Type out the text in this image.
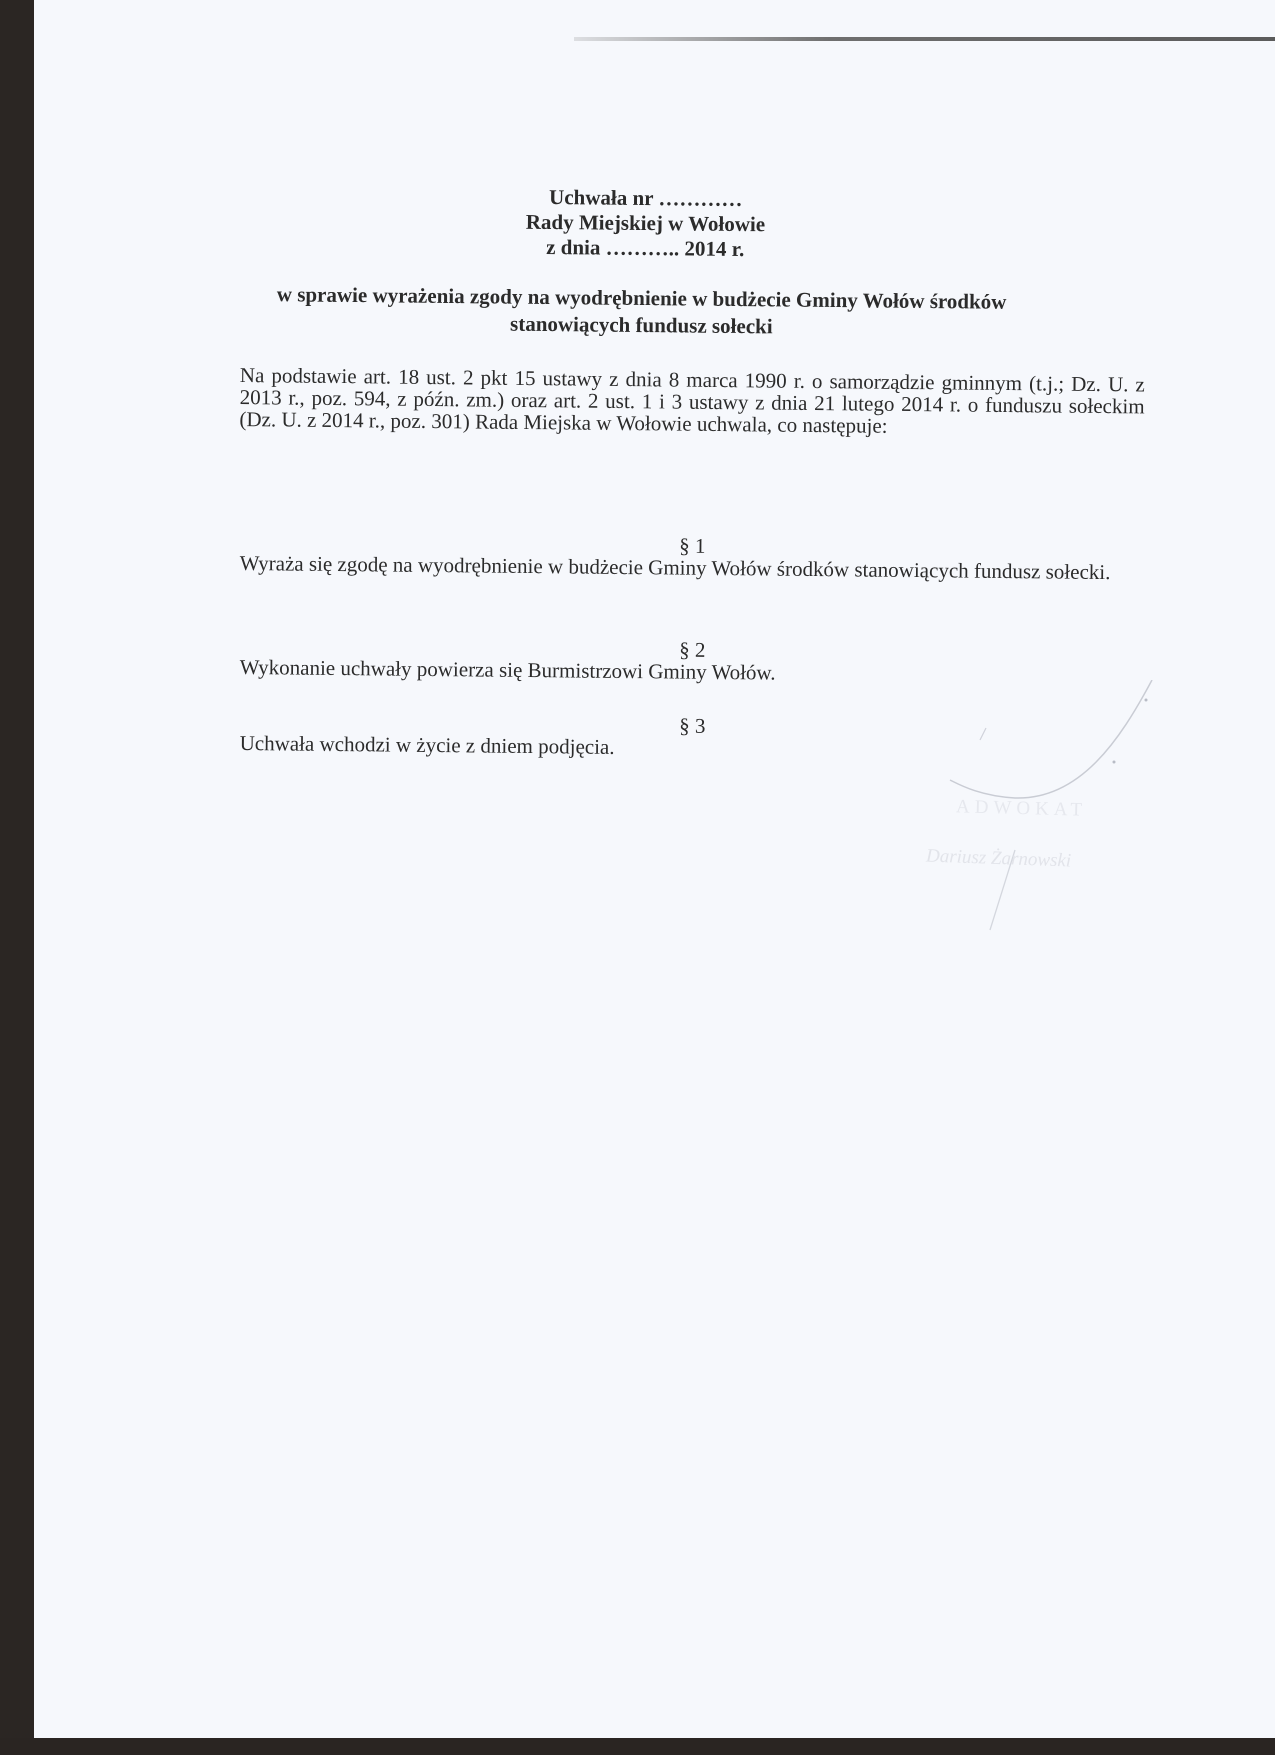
Uchwała nr …………
Rady Miejskiej w Wołowie
z dnia ……….. 2014 r.
w sprawie wyrażenia zgody na wyodrębnienie w budżecie Gminy Wołów środków
stanowiących fundusz sołecki

Na podstawie art. 18 ust. 2 pkt 15 ustawy z dnia 8 marca 1990 r. o samorządzie gminnym (t.j.; Dz. U. z 2013 r., poz. 594, z późn. zm.) oraz art. 2 ust. 1 i 3 ustawy z dnia 21 lutego 2014 r. o funduszu sołeckim (Dz. U. z 2014 r., poz. 301) Rada Miejska w Wołowie uchwala, co następuje:

§ 1

Wyraża się zgodę na wyodrębnienie w budżecie Gminy Wołów środków stanowiących fundusz sołecki.

§ 2

Wykonanie uchwały powierza się Burmistrzowi Gminy Wołów.

§ 3

Uchwała wchodzi w życie z dniem podjęcia.

ADWOKAT
Dariusz Żarnowski
